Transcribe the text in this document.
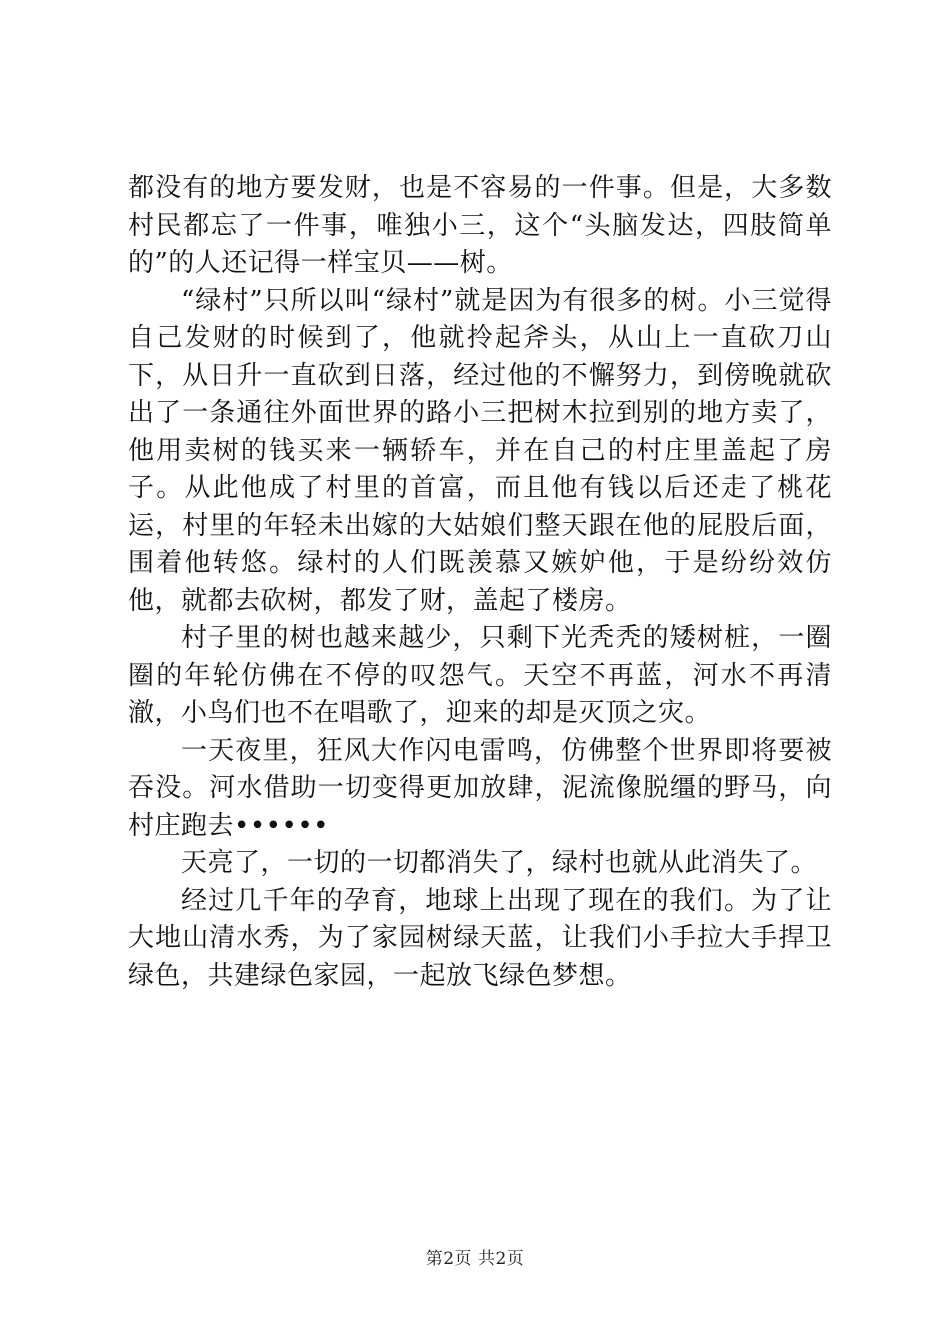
都没有的地方要发财，也是不容易的一件事。但是，大多数村民都忘了一件事，唯独小三，这个“头脑发达，四肢简单的”的人还记得一样宝贝——树。

“绿村”只所以叫“绿村”就是因为有很多的树。小三觉得自己发财的时候到了，他就拎起斧头，从山上一直砍刀山下，从日升一直砍到日落，经过他的不懈努力，到傍晚就砍出了一条通往外面世界的路小三把树木拉到别的地方卖了，他用卖树的钱买来一辆轿车，并在自己的村庄里盖起了房子。从此他成了村里的首富，而且他有钱以后还走了桃花运，村里的年轻未出嫁的大姑娘们整天跟在他的屁股后面，围着他转悠。绿村的人们既羡慕又嫉妒他，于是纷纷效仿他，就都去砍树，都发了财，盖起了楼房。

村子里的树也越来越少，只剩下光秃秃的矮树桩，一圈圈的年轮仿佛在不停的叹怨气。天空不再蓝，河水不再清澈，小鸟们也不在唱歌了，迎来的却是灭顶之灾。

一天夜里，狂风大作闪电雷鸣，仿佛整个世界即将要被吞没。河水借助一切变得更加放肆，泥流像脱缰的野马，向村庄跑去••••••

天亮了，一切的一切都消失了，绿村也就从此消失了。

经过几千年的孕育，地球上出现了现在的我们。为了让大地山清水秀，为了家园树绿天蓝，让我们小手拉大手捍卫绿色，共建绿色家园，一起放飞绿色梦想。

第2页 共2页
